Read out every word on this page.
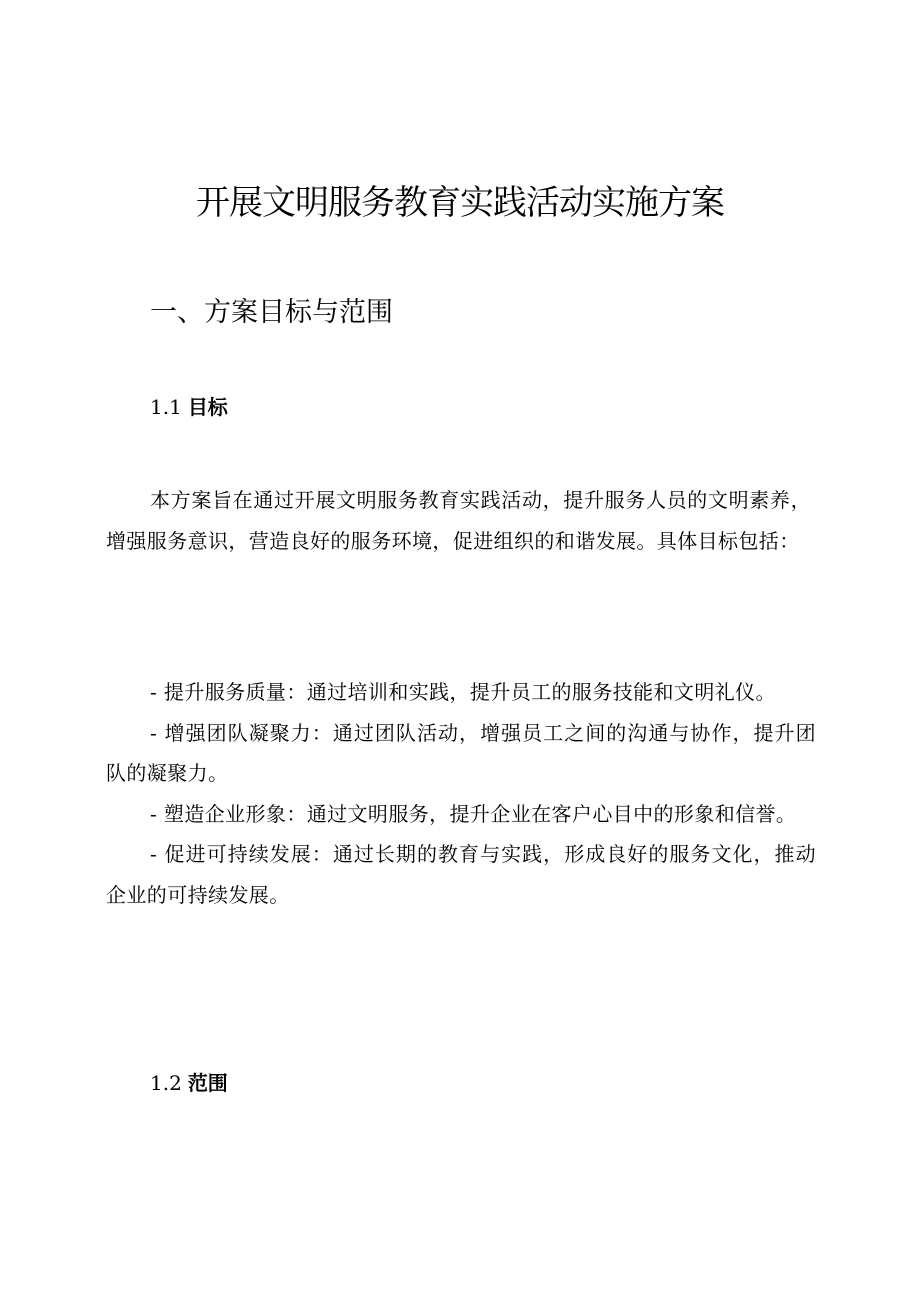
开展文明服务教育实践活动实施方案
一、方案目标与范围
1.1 目标

本方案旨在通过开展文明服务教育实践活动，提升服务人员的文明素养，增强服务意识，营造良好的服务环境，促进组织的和谐发展。具体目标包括：

- 提升服务质量：通过培训和实践，提升员工的服务技能和文明礼仪。
- 增强团队凝聚力：通过团队活动，增强员工之间的沟通与协作，提升团队的凝聚力。
- 塑造企业形象：通过文明服务，提升企业在客户心目中的形象和信誉。
- 促进可持续发展：通过长期的教育与实践，形成良好的服务文化，推动企业的可持续发展。
1.2 范围
